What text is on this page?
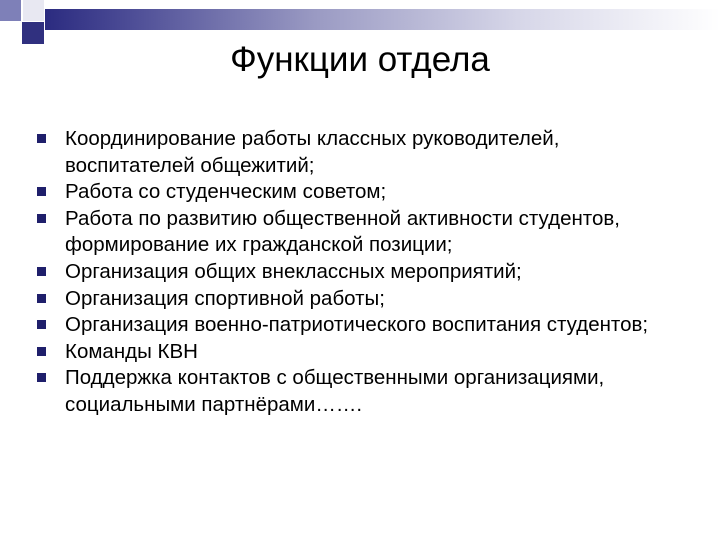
Функции отдела
Координирование работы классных руководителей, воспитателей общежитий;
Работа со студенческим советом;
Работа по развитию общественной активности студентов, формирование их гражданской позиции;
Организация общих внеклассных мероприятий;
Организация спортивной работы;
Организация военно-патриотического воспитания студентов;
Команды КВН
Поддержка контактов с общественными организациями, социальными партнёрами…….
